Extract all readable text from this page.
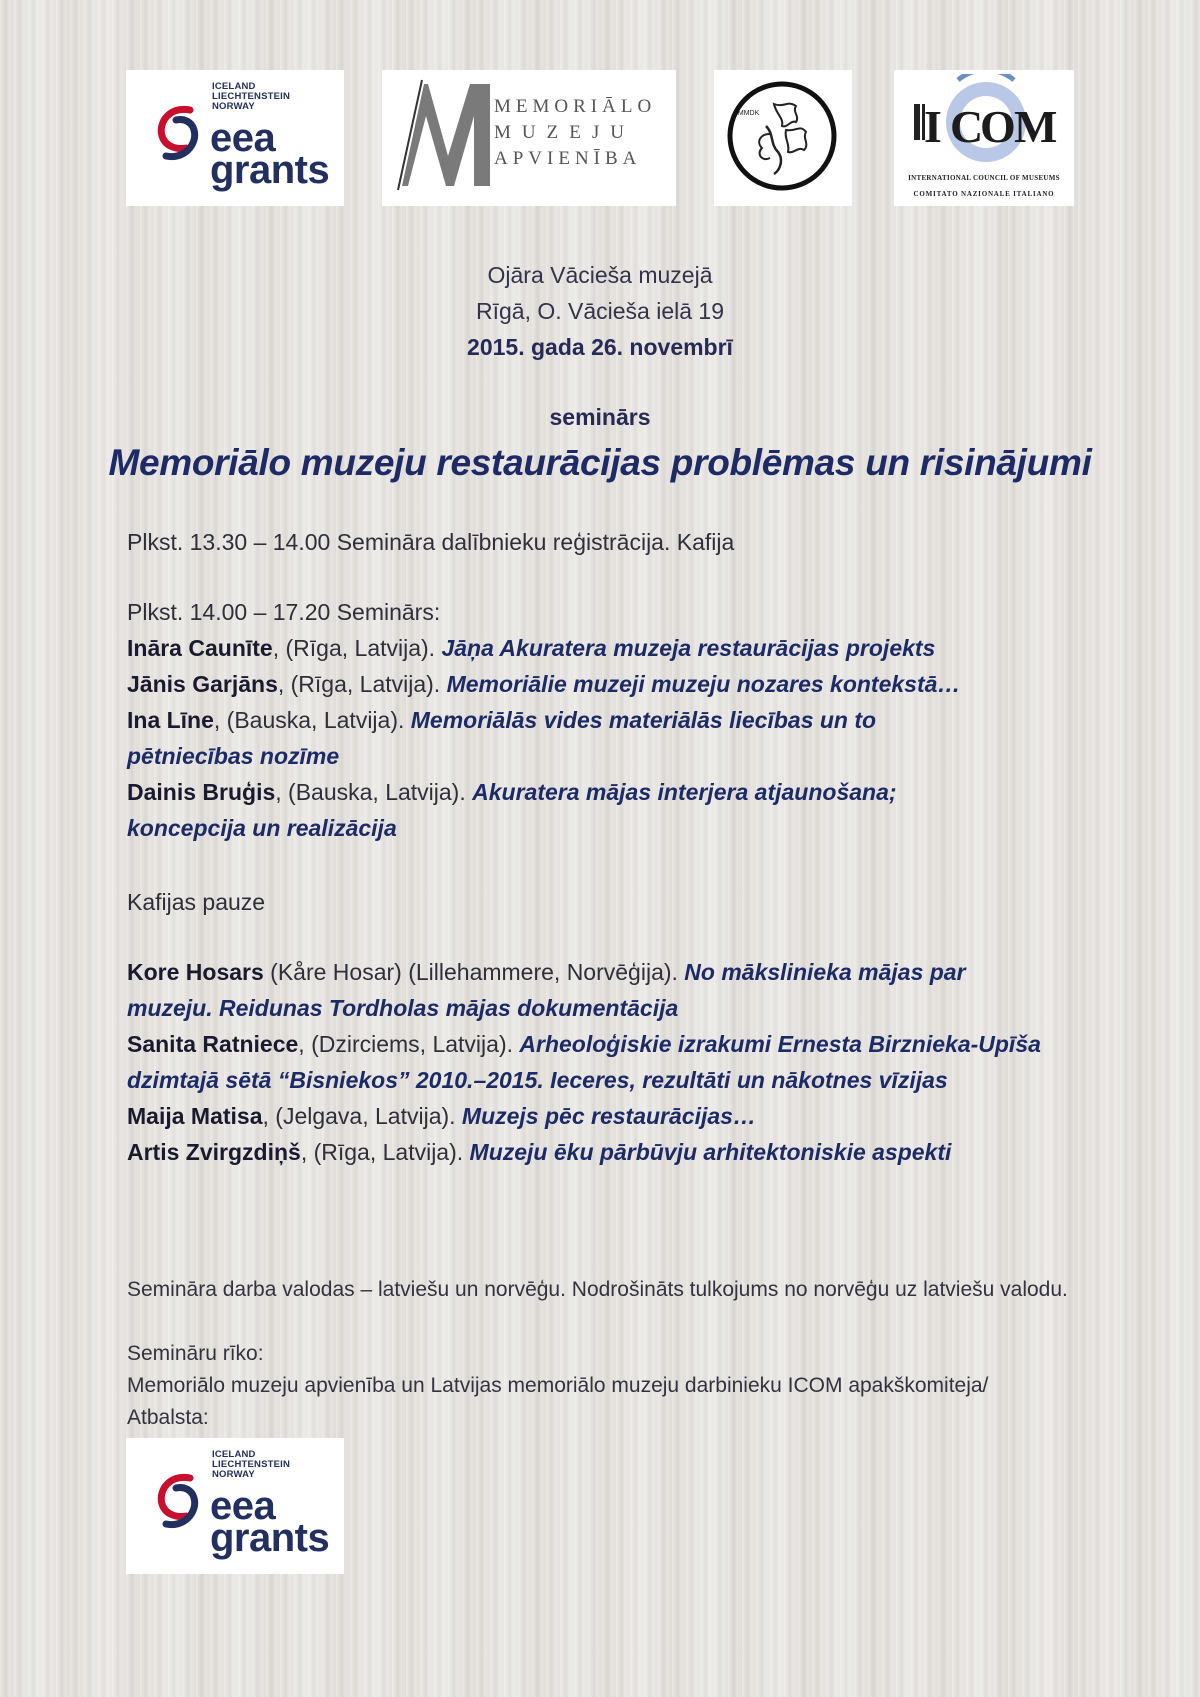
ICELAND
LIECHTENSTEIN
NORWAY
eea
grants
MEMORIĀLO
MUZEJU
APVIENĪBA
LMMDK	I C
O
M
INTERNATIONAL COUNCIL OF MUSEUMS
COMITATO NAZIONALE ITALIANO
Ojāra Vācieša muzejā
Rīgā, O. Vācieša ielā 19
2015. gada 26. novembrī
seminārs
Memoriālo muzeju restaurācijas problēmas un risinājumi
Plkst. 13.30 – 14.00 Semināra dalībnieku reģistrācija. Kafija
Plkst. 14.00 – 17.20 Seminārs:

Ināra Caunīte, (Rīga, Latvija). Jāņa Akuratera muzeja restaurācijas projekts

Jānis Garjāns, (Rīga, Latvija). Memoriālie muzeji muzeju nozares kontekstā…

Ina Līne, (Bauska, Latvija). Memoriālās vides materiālās liecības un to pētniecības nozīme

Dainis Bruģis, (Bauska, Latvija). Akuratera mājas interjera atjaunošana; koncepcija un realizācija

Kafijas pauze

Kore Hosars (Kåre Hosar) (Lillehammere, Norvēģija). No mākslinieka mājas par muzeju. Reidunas Tordholas mājas dokumentācija

Sanita Ratniece, (Dzirciems, Latvija). Arheoloģiskie izrakumi Ernesta Birznieka-Upīša dzimtajā sētā “Bisniekos” 2010.–2015. Ieceres, rezultāti un nākotnes vīzijas

Maija Matisa, (Jelgava, Latvija). Muzejs pēc restaurācijas…

Artis Zvirgzdiņš, (Rīga, Latvija). Muzeju ēku pārbūvju arhitektoniskie aspekti

Semināra darba valodas – latviešu un norvēģu. Nodrošināts tulkojums no norvēģu uz latviešu valodu.
Semināru rīko:
Memoriālo muzeju apvienība un Latvijas memoriālo muzeju darbinieku ICOM apakškomiteja/
Atbalsta:
ICELAND
LIECHTENSTEIN
NORWAY
eea
grants
